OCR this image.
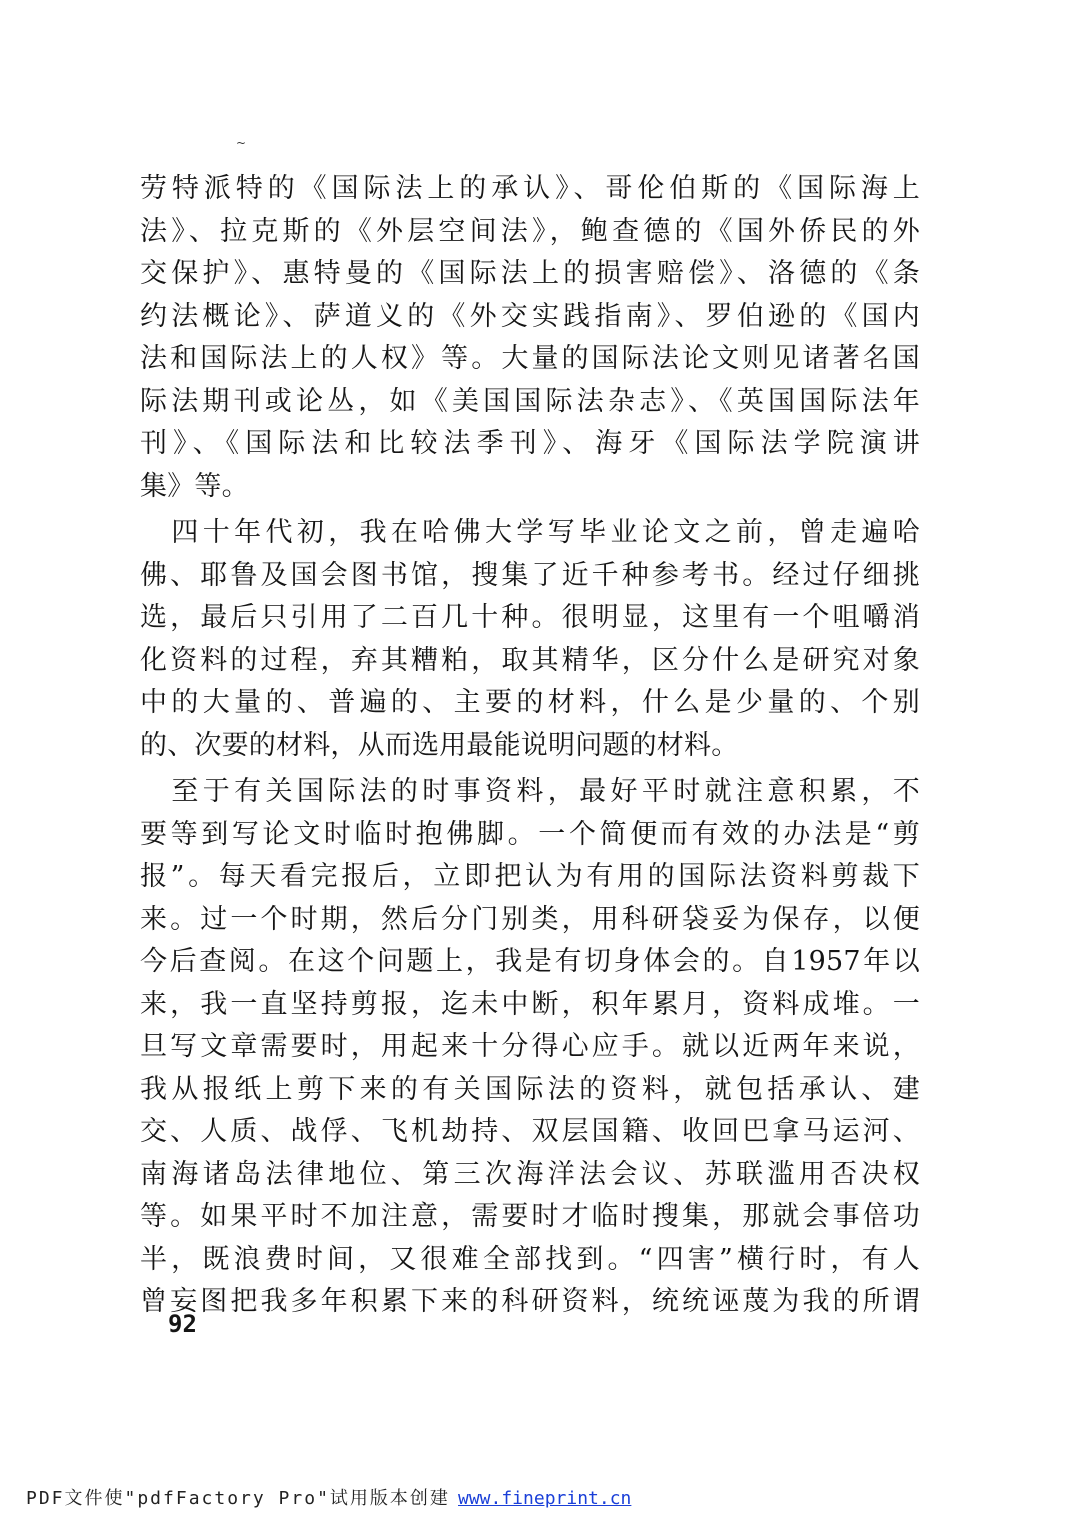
~
劳特派特的《国际法上的承认》、哥伦伯斯的《国际海上
法》、拉克斯的《外层空间法》，鲍查德的《国外侨民的外
交保护》、惠特曼的《国际法上的损害赔偿》、洛德的《条
约法概论》、萨道义的《外交实践指南》、罗伯逊的《国内
法和国际法上的人权》等。大量的国际法论文则见诸著名国
际法期刊或论丛，如《美国国际法杂志》、《英国国际法年
刊》、《国际法和比较法季刊》、海牙《国际法学院演讲
集》等。
　四十年代初，我在哈佛大学写毕业论文之前，曾走遍哈
佛、耶鲁及国会图书馆，搜集了近千种参考书。经过仔细挑
选，最后只引用了二百几十种。很明显，这里有一个咀嚼消
化资料的过程，弃其糟粕，取其精华，区分什么是研究对象
中的大量的、普遍的、主要的材料，什么是少量的、个别
的、次要的材料，从而选用最能说明问题的材料。
　至于有关国际法的时事资料，最好平时就注意积累，不
要等到写论文时临时抱佛脚。一个简便而有效的办法是“剪
报”。每天看完报后，立即把认为有用的国际法资料剪裁下
来。过一个时期，然后分门别类，用科研袋妥为保存，以便
今后查阅。在这个问题上，我是有切身体会的。自1957年以
来，我一直坚持剪报，迄未中断，积年累月，资料成堆。一
旦写文章需要时，用起来十分得心应手。就以近两年来说，
我从报纸上剪下来的有关国际法的资料，就包括承认、建
交、人质、战俘、飞机劫持、双层国籍、收回巴拿马运河、
南海诸岛法律地位、第三次海洋法会议、苏联滥用否决权
等。如果平时不加注意，需要时才临时搜集，那就会事倍功
半，既浪费时间，又很难全部找到。“四害”横行时，有人
曾妄图把我多年积累下来的科研资料，统统诬蔑为我的所谓
92
PDF文件使"pdfFactory Pro"试用版本创建 www.fineprint.cn
